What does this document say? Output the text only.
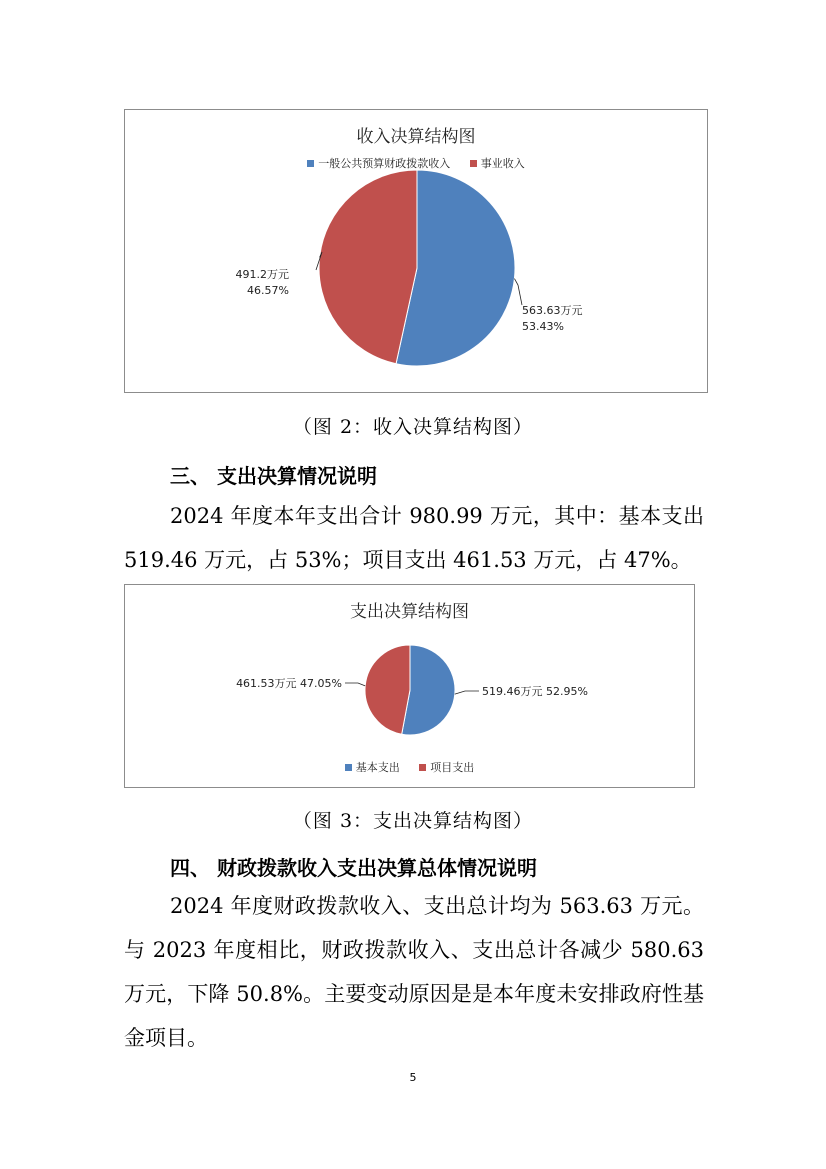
收入决算结构图
一般公共预算财政拨款收入	事业收入
563.63万元
53.43%
491.2万元
46.57%
（图 2：收入决算结构图）
三、 支出决算情况说明
2024 年度本年支出合计 980.99 万元，其中：基本支出 519.46 万元，占 53%；项目支出 461.53 万元，占 47%。
支出决算结构图
519.46万元 52.95%
461.53万元 47.05%
基本支出	项目支出
（图 3：支出决算结构图）
四、 财政拨款收入支出决算总体情况说明
2024 年度财政拨款收入、支出总计均为 563.63 万元。与 2023 年度相比，财政拨款收入、支出总计各减少 580.63 万元，下降 50.8%。主要变动原因是是本年度未安排政府性基金项目。
5
